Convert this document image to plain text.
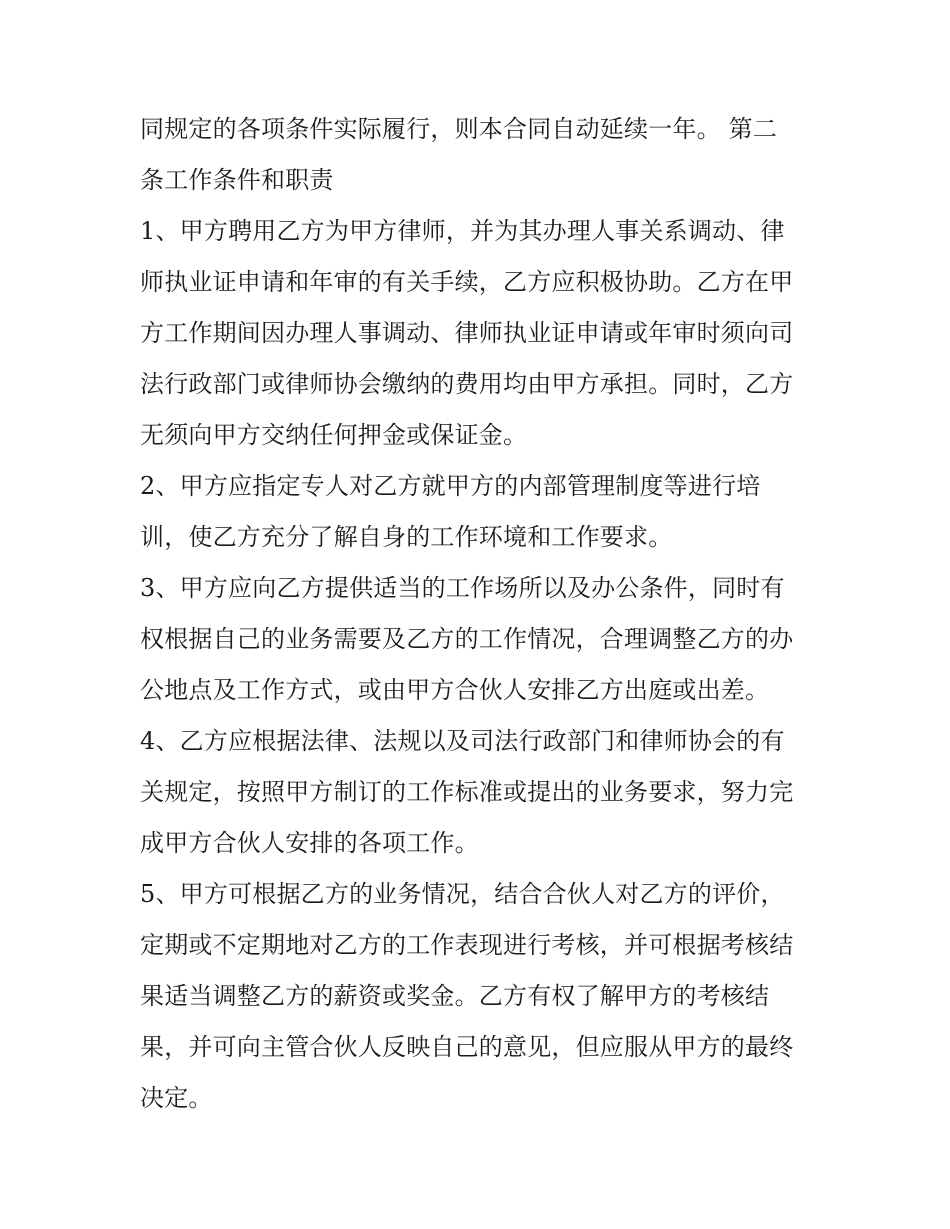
同规定的各项条件实际履行，则本合同自动延续一年。 第二
条工作条件和职责
1、甲方聘用乙方为甲方律师，并为其办理人事关系调动、律
师执业证申请和年审的有关手续，乙方应积极协助。乙方在甲
方工作期间因办理人事调动、律师执业证申请或年审时须向司
法行政部门或律师协会缴纳的费用均由甲方承担。同时，乙方
无须向甲方交纳任何押金或保证金。
2、甲方应指定专人对乙方就甲方的内部管理制度等进行培
训，使乙方充分了解自身的工作环境和工作要求。
3、甲方应向乙方提供适当的工作场所以及办公条件，同时有
权根据自己的业务需要及乙方的工作情况，合理调整乙方的办
公地点及工作方式，或由甲方合伙人安排乙方出庭或出差。
4、乙方应根据法律、法规以及司法行政部门和律师协会的有
关规定，按照甲方制订的工作标准或提出的业务要求，努力完
成甲方合伙人安排的各项工作。
5、甲方可根据乙方的业务情况，结合合伙人对乙方的评价，
定期或不定期地对乙方的工作表现进行考核，并可根据考核结
果适当调整乙方的薪资或奖金。乙方有权了解甲方的考核结
果，并可向主管合伙人反映自己的意见，但应服从甲方的最终
决定。
